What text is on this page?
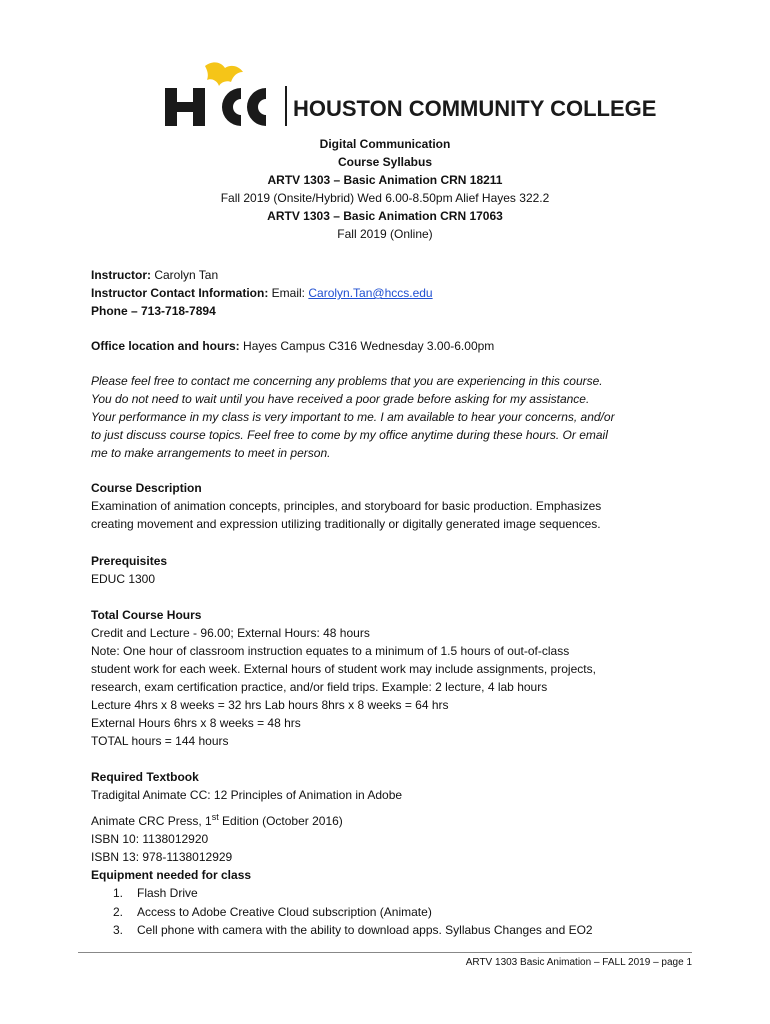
HOUSTON COMMUNITY COLLEGE
Digital Communication
Course Syllabus
ARTV 1303 – Basic Animation CRN 18211
Fall 2019 (Onsite/Hybrid) Wed 6.00-8.50pm Alief Hayes 322.2
ARTV 1303 – Basic Animation CRN 17063
Fall 2019 (Online)
Instructor: Carolyn Tan
Instructor Contact Information: Email: Carolyn.Tan@hccs.edu
Phone – 713-718-7894
Office location and hours: Hayes Campus C316 Wednesday 3.00-6.00pm
Please feel free to contact me concerning any problems that you are experiencing in this course.
You do not need to wait until you have received a poor grade before asking for my assistance.
Your performance in my class is very important to me. I am available to hear your concerns, and/or
to just discuss course topics. Feel free to come by my office anytime during these hours. Or email
me to make arrangements to meet in person.
Course Description
Examination of animation concepts, principles, and storyboard for basic production. Emphasizes
creating movement and expression utilizing traditionally or digitally generated image sequences.
Prerequisites
EDUC 1300
Total Course Hours
Credit and Lecture - 96.00; External Hours: 48 hours
Note: One hour of classroom instruction equates to a minimum of 1.5 hours of out-of-class
student work for each week. External hours of student work may include assignments, projects,
research, exam certification practice, and/or field trips. Example: 2 lecture, 4 lab hours
Lecture 4hrs x 8 weeks = 32 hrs Lab hours 8hrs x 8 weeks = 64 hrs
External Hours 6hrs x 8 weeks = 48 hrs
TOTAL hours = 144 hours
Required Textbook
Tradigital Animate CC: 12 Principles of Animation in Adobe
Animate CRC Press, 1st Edition (October 2016)
ISBN 10: 1138012920
ISBN 13: 978-1138012929
Equipment needed for class
1. Flash Drive
2. Access to Adobe Creative Cloud subscription (Animate)
3. Cell phone with camera with the ability to download apps. Syllabus Changes and EO2
ARTV 1303 Basic Animation – FALL 2019 – page 1
